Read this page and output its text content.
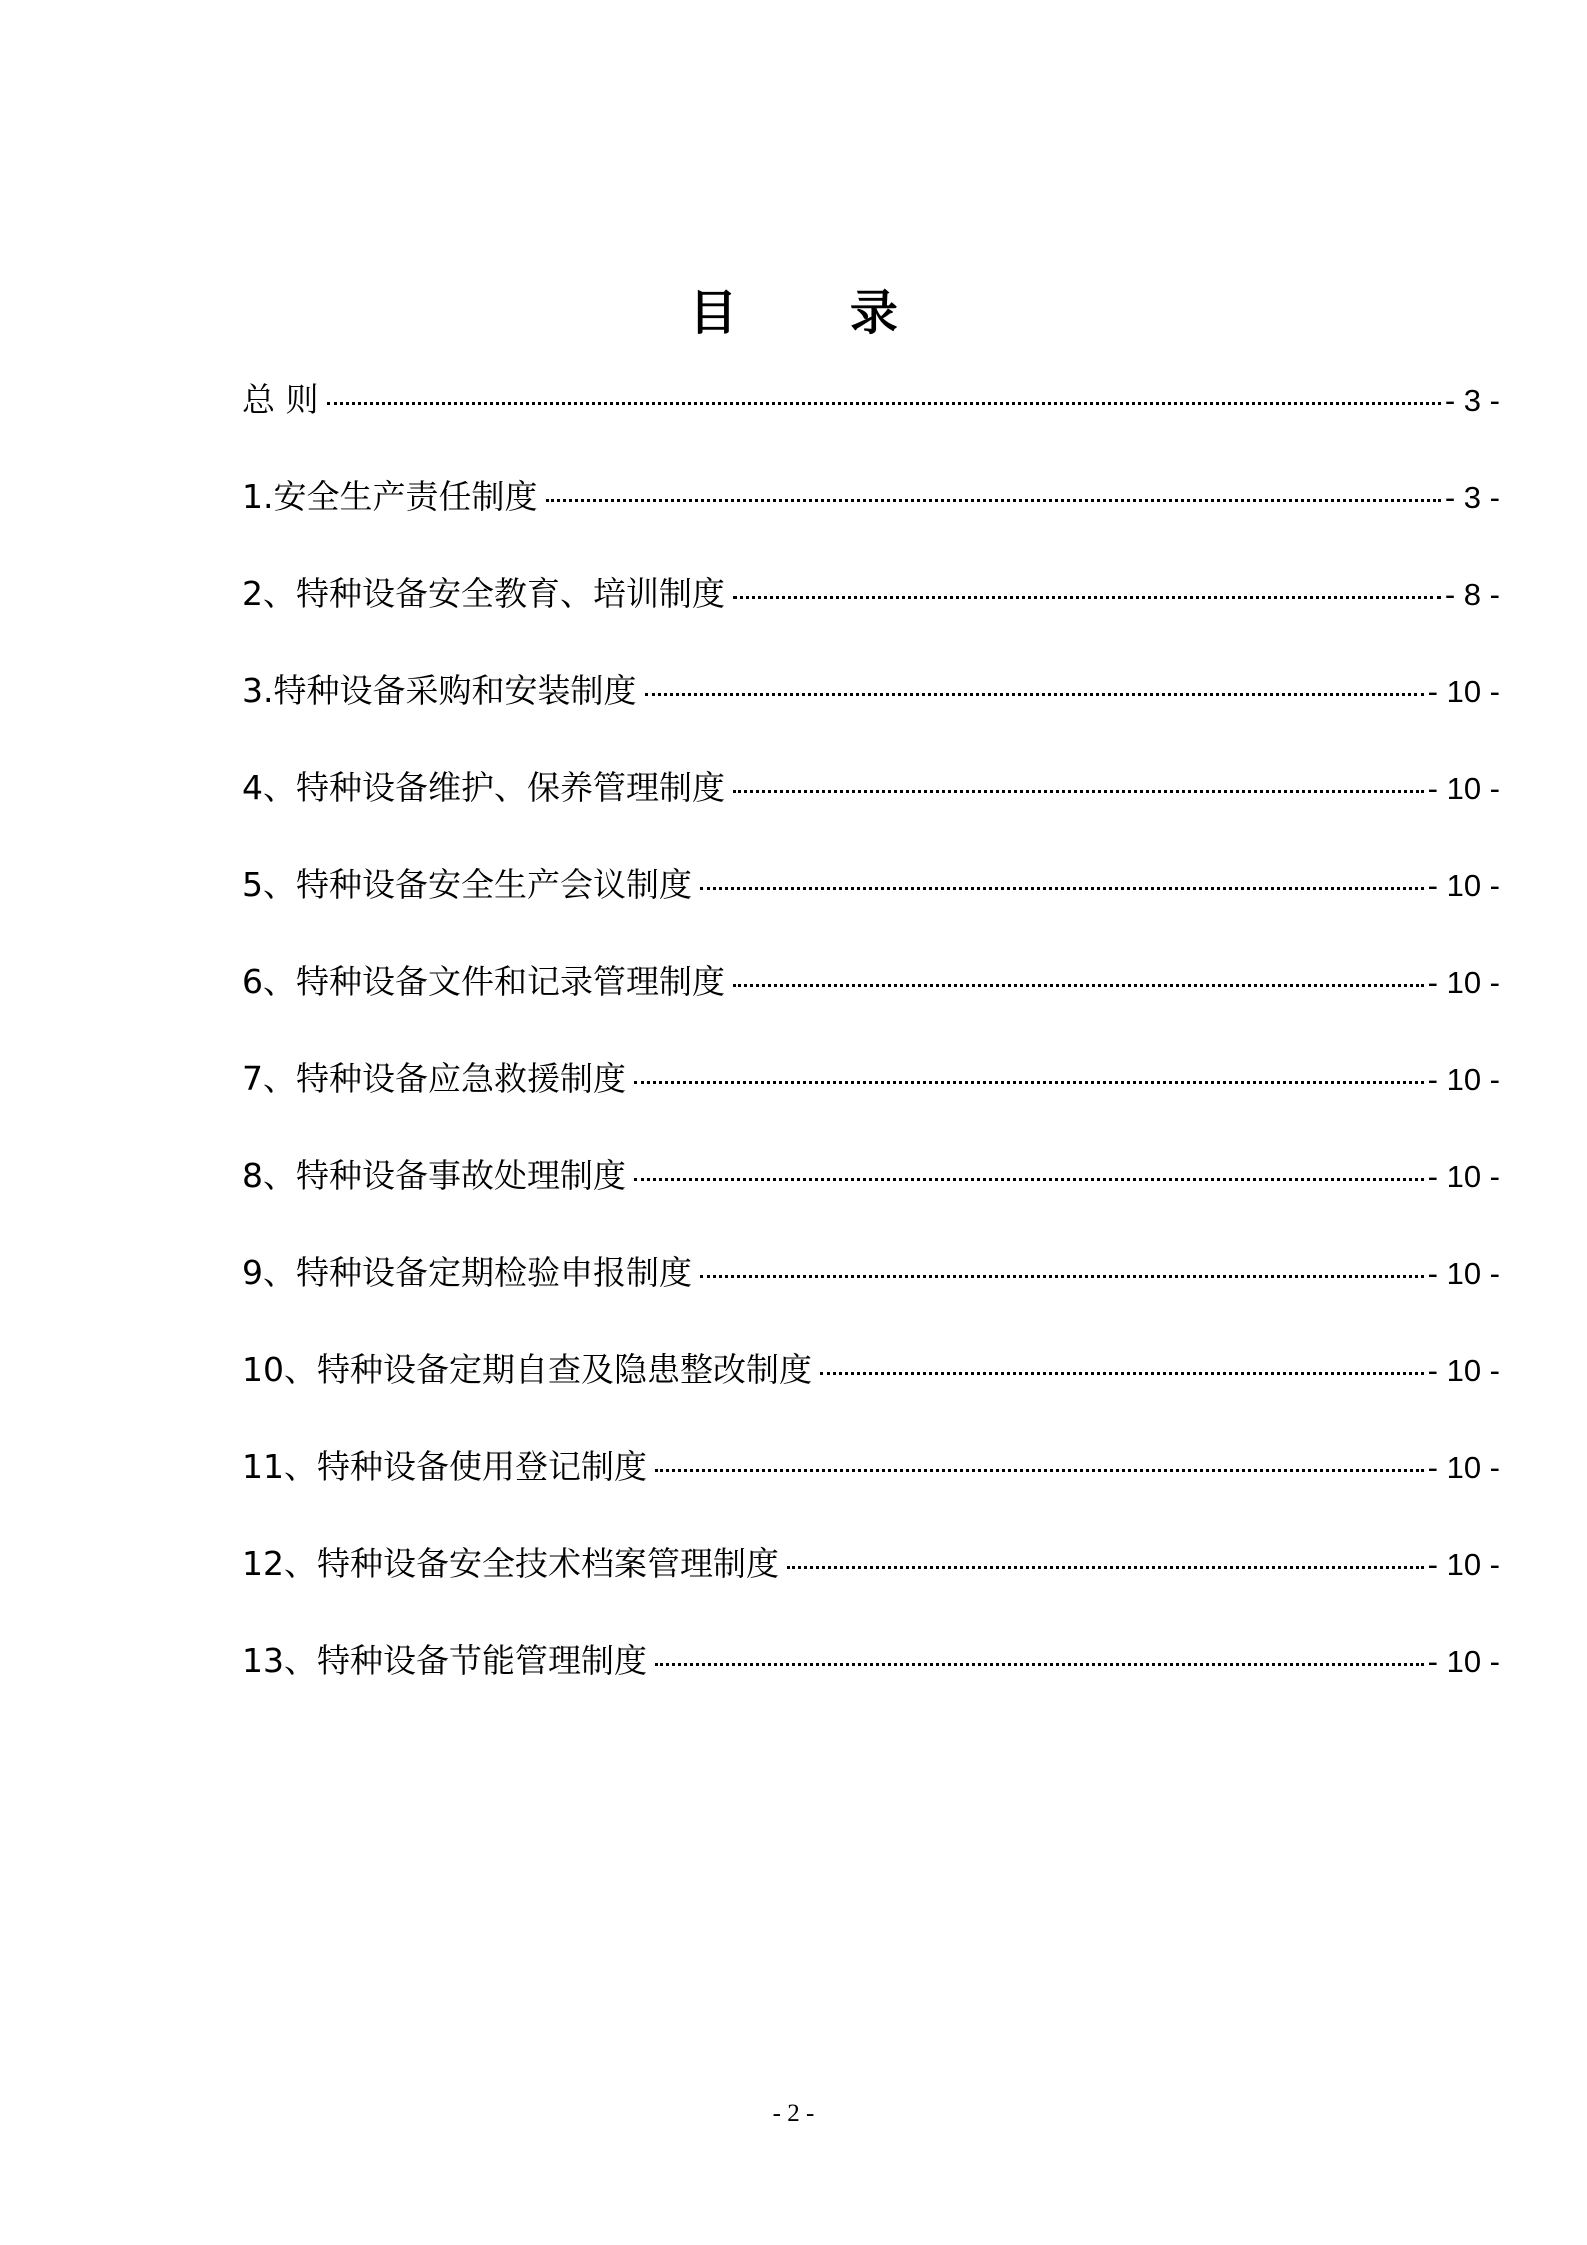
目 录
总 则	- 3 -
1.安全生产责任制度	- 3 -
2、特种设备安全教育、培训制度	- 8 -
3.特种设备采购和安装制度	- 10 -
4、特种设备维护、保养管理制度	- 10 -
5、特种设备安全生产会议制度	- 10 -
6、特种设备文件和记录管理制度	- 10 -
7、特种设备应急救援制度	- 10 -
8、特种设备事故处理制度	- 10 -
9、特种设备定期检验申报制度	- 10 -
10、特种设备定期自查及隐患整改制度	- 10 -
11、特种设备使用登记制度	- 10 -
12、特种设备安全技术档案管理制度	- 10 -
13、特种设备节能管理制度	- 10 -
- 2 -
